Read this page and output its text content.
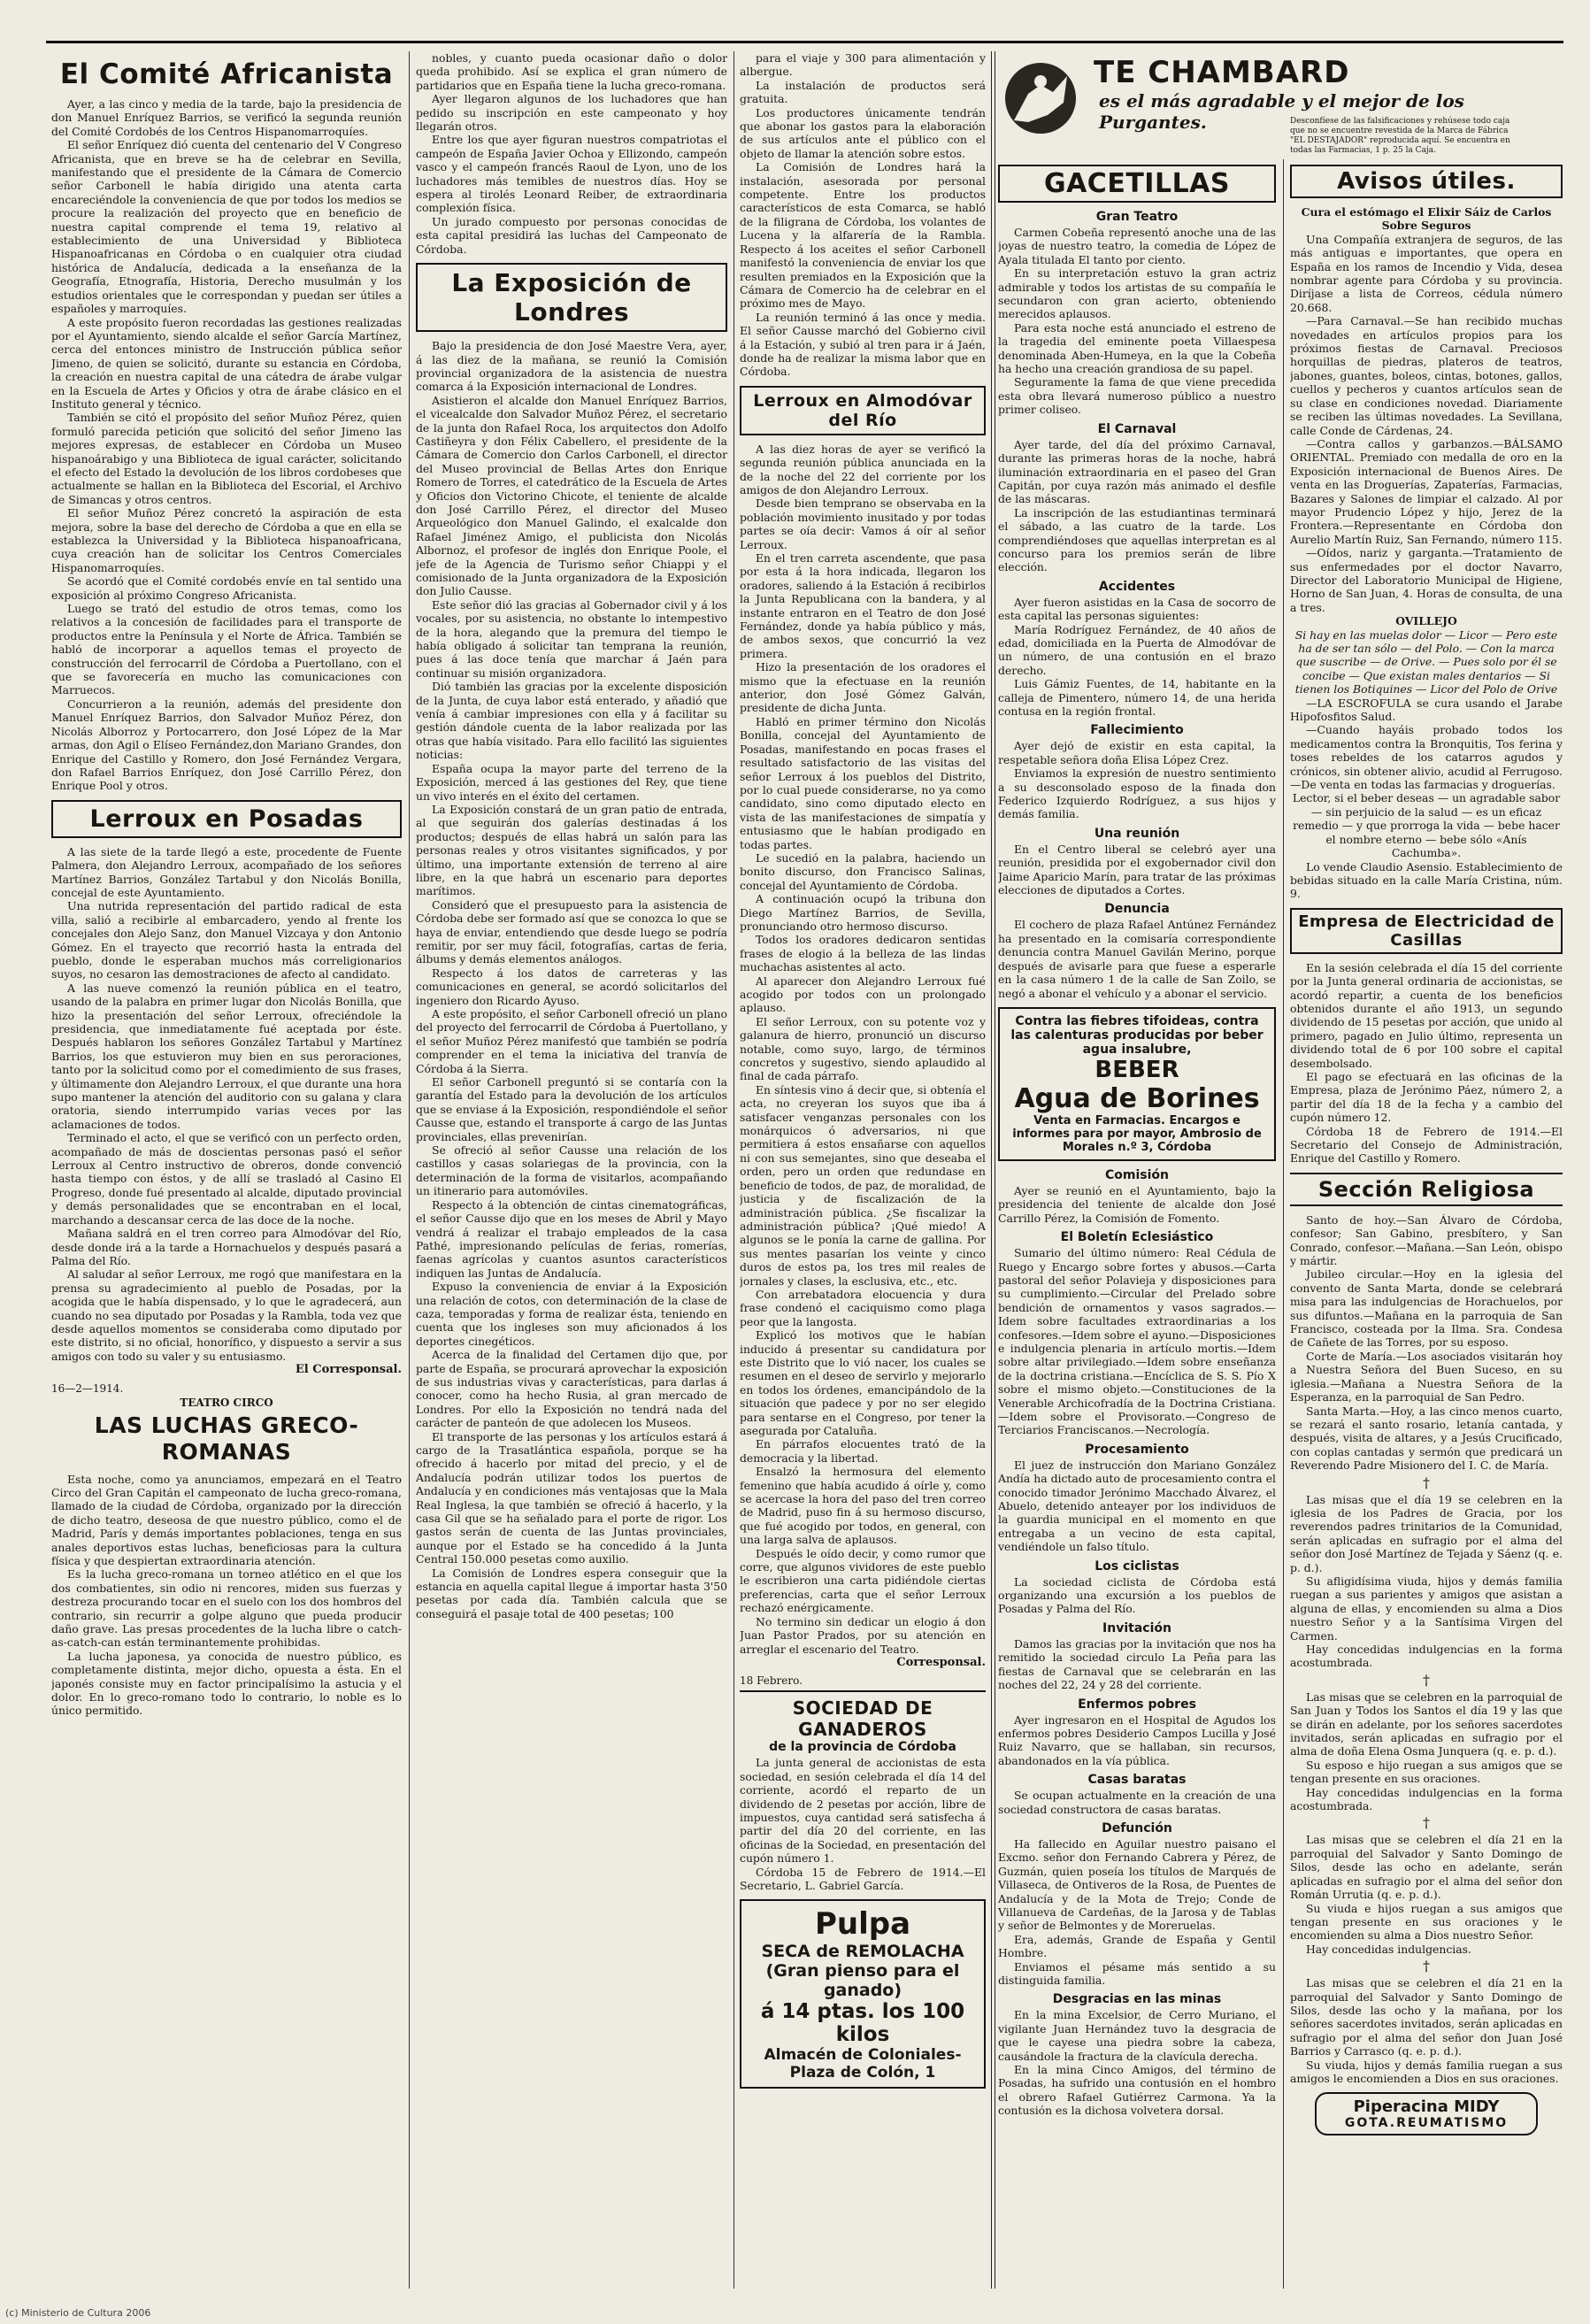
El Comité Africanista

Ayer, a las cinco y media de la tarde, bajo la presidencia de don Manuel Enríquez Barrios, se verificó la segunda reunión del Comité Cordobés de los Centros Hispanomarroquíes.

El señor Enríquez dió cuenta del centenario del V Congreso Africanista, que en breve se ha de celebrar en Sevilla, manifestando que el presidente de la Cámara de Comercio señor Carbonell le había dirigido una atenta carta encareciéndole la conveniencia de que por todos los medios se procure la realización del proyecto que en beneficio de nuestra capital comprende el tema 19, relativo al establecimiento de una Universidad y Biblioteca Hispanoafricanas en Córdoba o en cualquier otra ciudad histórica de Andalucía, dedicada a la enseñanza de la Geografía, Etnografía, Historia, Derecho musulmán y los estudios orientales que le correspondan y puedan ser útiles a españoles y marroquíes.

A este propósito fueron recordadas las gestiones realizadas por el Ayuntamiento, siendo alcalde el señor García Martínez, cerca del entonces ministro de Instrucción pública señor Jimeno, de quien se solicitó, durante su estancia en Córdoba, la creación en nuestra capital de una cátedra de árabe vulgar en la Escuela de Artes y Oficios y otra de árabe clásico en el Instituto general y técnico.

También se citó el propósito del señor Muñoz Pérez, quien formuló parecida petición que solicitó del señor Jimeno las mejores expresas, de establecer en Córdoba un Museo hispanoárabigo y una Biblioteca de igual carácter, solicitando el efecto del Estado la devolución de los libros cordobeses que actualmente se hallan en la Biblioteca del Escorial, el Archivo de Simancas y otros centros.

El señor Muñoz Pérez concretó la aspiración de esta mejora, sobre la base del derecho de Córdoba a que en ella se establezca la Universidad y la Biblioteca hispanoafricana, cuya creación han de solicitar los Centros Comerciales Hispanomarroquíes.

Se acordó que el Comité cordobés envíe en tal sentido una exposición al próximo Congreso Africanista.

Luego se trató del estudio de otros temas, como los relativos a la concesión de facilidades para el transporte de productos entre la Península y el Norte de África. También se habló de incorporar a aquellos temas el proyecto de construcción del ferrocarril de Córdoba a Puertollano, con el que se favorecería en mucho las comunicaciones con Marruecos.

Concurrieron a la reunión, además del presidente don Manuel Enríquez Barrios, don Salvador Muñoz Pérez, don Nicolás Alborroz y Portocarrero, don José López de la Mar armas, don Agil o Elíseo Fernández,don Mariano Grandes, don Enrique del Castillo y Romero, don José Fernández Vergara, don Rafael Barrios Enríquez, don José Carrillo Pérez, don Enrique Pool y otros.

Lerroux en Posadas

A las siete de la tarde llegó a este, procedente de Fuente Palmera, don Alejandro Lerroux, acompañado de los señores Martínez Barrios, González Tartabul y don Nicolás Bonilla, concejal de este Ayuntamiento.

Una nutrida representación del partido radical de esta villa, salió a recibirle al embarcadero, yendo al frente los concejales don Alejo Sanz, don Manuel Vizcaya y don Antonio Gómez. En el trayecto que recorrió hasta la entrada del pueblo, donde le esperaban muchos más correligionarios suyos, no cesaron las demostraciones de afecto al candidato.

A las nueve comenzó la reunión pública en el teatro, usando de la palabra en primer lugar don Nicolás Bonilla, que hizo la presentación del señor Lerroux, ofreciéndole la presidencia, que inmediatamente fué aceptada por éste. Después hablaron los señores González Tartabul y Martínez Barrios, los que estuvieron muy bien en sus peroraciones, tanto por la solicitud como por el comedimiento de sus frases, y últimamente don Alejandro Lerroux, el que durante una hora supo mantener la atención del auditorio con su galana y clara oratoria, siendo interrumpido varias veces por las aclamaciones de todos.

Terminado el acto, el que se verificó con un perfecto orden, acompañado de más de doscientas personas pasó el señor Lerroux al Centro instructivo de obreros, donde convenció hasta tiempo con éstos, y de allí se trasladó al Casino El Progreso, donde fué presentado al alcalde, diputado provincial y demás personalidades que se encontraban en el local, marchando a descansar cerca de las doce de la noche.

Mañana saldrá en el tren correo para Almodóvar del Río, desde donde irá a la tarde a Hornachuelos y después pasará a Palma del Río.

Al saludar al señor Lerroux, me rogó que manifestara en la prensa su agradecimiento al pueblo de Posadas, por la acogida que le había dispensado, y lo que le agradecerá, aun cuando no sea diputado por Posadas y la Rambla, toda vez que desde aquellos momentos se consideraba como diputado por este distrito, si no oficial, honorífico, y dispuesto a servir a sus amigos con todo su valer y su entusiasmo.

El Corresponsal.

16—2—1914.
TEATRO CIRCO
LAS LUCHAS GRECO-ROMANAS

Esta noche, como ya anunciamos, empezará en el Teatro Circo del Gran Capitán el campeonato de lucha greco-romana, llamado de la ciudad de Córdoba, organizado por la dirección de dicho teatro, deseosa de que nuestro público, como el de Madrid, París y demás importantes poblaciones, tenga en sus anales deportivos estas luchas, beneficiosas para la cultura física y que despiertan extraordinaria atención.

Es la lucha greco-romana un torneo atlético en el que los dos combatientes, sin odio ni rencores, miden sus fuerzas y destreza procurando tocar en el suelo con los dos hombros del contrario, sin recurrir a golpe alguno que pueda producir daño grave. Las presas procedentes de la lucha libre o catch-as-catch-can están terminantemente prohibidas.

La lucha japonesa, ya conocida de nuestro público, es completamente distinta, mejor dicho, opuesta a ésta. En el japonés consiste muy en factor principalísimo la astucia y el dolor. En lo greco-romano todo lo contrario, lo noble es lo único permitido.

nobles, y cuanto pueda ocasionar daño o dolor queda prohibido. Así se explica el gran número de partidarios que en España tiene la lucha greco-romana.

Ayer llegaron algunos de los luchadores que han pedido su inscripción en este campeonato y hoy llegarán otros.

Entre los que ayer figuran nuestros compatriotas el campeón de España Javier Ochoa y Ellizondo, campeón vasco y el campeón francés Raoul de Lyon, uno de los luchadores más temibles de nuestros días. Hoy se espera al tirolés Leonard Reiber, de extraordinaria complexión física.

Un jurado compuesto por personas conocidas de esta capital presidirá las luchas del Campeonato de Córdoba.

La Exposición de Londres

Bajo la presidencia de don José Maestre Vera, ayer, á las diez de la mañana, se reunió la Comisión provincial organizadora de la asistencia de nuestra comarca á la Exposición internacional de Londres.

Asistieron el alcalde don Manuel Enríquez Barrios, el vicealcalde don Salvador Muñoz Pérez, el secretario de la junta don Rafael Roca, los arquitectos don Adolfo Castiñeyra y don Félix Cabellero, el presidente de la Cámara de Comercio don Carlos Carbonell, el director del Museo provincial de Bellas Artes don Enrique Romero de Torres, el catedrático de la Escuela de Artes y Oficios don Victorino Chicote, el teniente de alcalde don José Carrillo Pérez, el director del Museo Arqueológico don Manuel Galindo, el exalcalde don Rafael Jiménez Amigo, el publicista don Nicolás Albornoz, el profesor de inglés don Enrique Poole, el jefe de la Agencia de Turismo señor Chiappi y el comisionado de la Junta organizadora de la Exposición don Julio Causse.

Este señor dió las gracias al Gobernador civil y á los vocales, por su asistencia, no obstante lo intempestivo de la hora, alegando que la premura del tiempo le había obligado á solicitar tan temprana la reunión, pues á las doce tenía que marchar á Jaén para continuar su misión organizadora.

Dió también las gracias por la excelente disposición de la Junta, de cuya labor está enterado, y añadió que venía á cambiar impresiones con ella y á facilitar su gestión dándole cuenta de la labor realizada por las otras que había visitado. Para ello facilitó las siguientes noticias:

España ocupa la mayor parte del terreno de la Exposición, merced á las gestiones del Rey, que tiene un vivo interés en el éxito del certamen.

La Exposición constará de un gran patio de entrada, al que seguirán dos galerías destinadas á los productos; después de ellas habrá un salón para las personas reales y otros visitantes significados, y por último, una importante extensión de terreno al aire libre, en la que habrá un escenario para deportes marítimos.

Consideró que el presupuesto para la asistencia de Córdoba debe ser formado así que se conozca lo que se haya de enviar, entendiendo que desde luego se podría remitir, por ser muy fácil, fotografías, cartas de feria, álbums y demás elementos análogos.

Respecto á los datos de carreteras y las comunicaciones en general, se acordó solicitarlos del ingeniero don Ricardo Ayuso.

A este propósito, el señor Carbonell ofreció un plano del proyecto del ferrocarril de Córdoba á Puertollano, y el señor Muñoz Pérez manifestó que también se podría comprender en el tema la iniciativa del tranvía de Córdoba á la Sierra.

El señor Carbonell preguntó si se contaría con la garantía del Estado para la devolución de los artículos que se enviase á la Exposición, respondiéndole el señor Causse que, estando el transporte á cargo de las Juntas provinciales, ellas prevenirían.

Se ofreció al señor Causse una relación de los castillos y casas solariegas de la provincia, con la determinación de la forma de visitarlos, acompañando un itinerario para automóviles.

Respecto á la obtención de cintas cinematográficas, el señor Causse dijo que en los meses de Abril y Mayo vendrá á realizar el trabajo empleados de la casa Pathé, impresionando películas de ferias, romerías, faenas agrícolas y cuantos asuntos característicos indiquen las Juntas de Andalucía.

Expuso la conveniencia de enviar á la Exposición una relación de cotos, con determinación de la clase de caza, temporadas y forma de realizar ésta, teniendo en cuenta que los ingleses son muy aficionados á los deportes cinegéticos.

Acerca de la finalidad del Certamen dijo que, por parte de España, se procurará aprovechar la exposición de sus industrias vivas y características, para darlas á conocer, como ha hecho Rusia, al gran mercado de Londres. Por ello la Exposición no tendrá nada del carácter de panteón de que adolecen los Museos.

El transporte de las personas y los artículos estará á cargo de la Trasatlántica española, porque se ha ofrecido á hacerlo por mitad del precio, y el de Andalucía podrán utilizar todos los puertos de Andalucía y en condiciones más ventajosas que la Mala Real Inglesa, la que también se ofreció á hacerlo, y la casa Gil que se ha señalado para el porte de rigor. Los gastos serán de cuenta de las Juntas provinciales, aunque por el Estado se ha concedido á la Junta Central 150.000 pesetas como auxilio.

La Comisión de Londres espera conseguir que la estancia en aquella capital llegue á importar hasta 3'50 pesetas por cada día. También calcula que se conseguirá el pasaje total de 400 pesetas; 100

para el viaje y 300 para alimentación y albergue.

La instalación de productos será gratuita.

Los productores únicamente tendrán que abonar los gastos para la elaboración de sus artículos ante el público con el objeto de llamar la atención sobre estos.

La Comisión de Londres hará la instalación, asesorada por personal competente. Entre los productos característicos de esta Comarca, se habló de la filigrana de Córdoba, los volantes de Lucena y la alfarería de la Rambla. Respecto á los aceites el señor Carbonell manifestó la conveniencia de enviar los que resulten premiados en la Exposición que la Cámara de Comercio ha de celebrar en el próximo mes de Mayo.

La reunión terminó á las once y media. El señor Causse marchó del Gobierno civil á la Estación, y subió al tren para ir á Jaén, donde ha de realizar la misma labor que en Córdoba.

Lerroux en Almodóvar del Río

A las diez horas de ayer se verificó la segunda reunión pública anunciada en la de la noche del 22 del corriente por los amigos de don Alejandro Lerroux.

Desde bien temprano se observaba en la población movimiento inusitado y por todas partes se oía decir: Vamos á oír al señor Lerroux.

En el tren carreta ascendente, que pasa por esta á la hora indicada, llegaron los oradores, saliendo á la Estación á recibirlos la Junta Republicana con la bandera, y al instante entraron en el Teatro de don José Fernández, donde ya había público y más, de ambos sexos, que concurrió la vez primera.

Hizo la presentación de los oradores el mismo que la efectuase en la reunión anterior, don José Gómez Galván, presidente de dicha Junta.

Habló en primer término don Nicolás Bonilla, concejal del Ayuntamiento de Posadas, manifestando en pocas frases el resultado satisfactorio de las visitas del señor Lerroux á los pueblos del Distrito, por lo cual puede considerarse, no ya como candidato, sino como diputado electo en vista de las manifestaciones de simpatía y entusiasmo que le habían prodigado en todas partes.

Le sucedió en la palabra, haciendo un bonito discurso, don Francisco Salinas, concejal del Ayuntamiento de Córdoba.

A continuación ocupó la tribuna don Diego Martínez Barrios, de Sevilla, pronunciando otro hermoso discurso.

Todos los oradores dedicaron sentidas frases de elogio á la belleza de las lindas muchachas asistentes al acto.

Al aparecer don Alejandro Lerroux fué acogido por todos con un prolongado aplauso.

El señor Lerroux, con su potente voz y galanura de hierro, pronunció un discurso notable, como suyo, largo, de términos concretos y sugestivo, siendo aplaudido al final de cada párrafo.

En síntesis vino á decir que, si obtenía el acta, no creyeran los suyos que iba á satisfacer venganzas personales con los monárquicos ó adversarios, ni que permitiera á estos ensañarse con aquellos ni con sus semejantes, sino que deseaba el orden, pero un orden que redundase en beneficio de todos, de paz, de moralidad, de justicia y de fiscalización de la administración pública. ¿Se fiscalizar la administración pública? ¡Qué miedo! A algunos se le ponía la carne de gallina. Por sus mentes pasarían los veinte y cinco duros de estos pa, los tres mil reales de jornales y clases, la esclusiva, etc., etc.

Con arrebatadora elocuencia y dura frase condenó el caciquismo como plaga peor que la langosta.

Explicó los motivos que le habían inducido á presentar su candidatura por este Distrito que lo vió nacer, los cuales se resumen en el deseo de servirlo y mejorarlo en todos los órdenes, emancipándolo de la situación que padece y por no ser elegido para sentarse en el Congreso, por tener la asegurada por Cataluña.

En párrafos elocuentes trató de la democracia y la libertad.

Ensalzó la hermosura del elemento femenino que había acudido á oírle y, como se acercase la hora del paso del tren correo de Madrid, puso fin á su hermoso discurso, que fué acogido por todos, en general, con una larga salva de aplausos.

Después le oído decir, y como rumor que corre, que algunos vividores de este pueblo le escribieron una carta pidiéndole ciertas preferencias, carta que el señor Lerroux rechazó enérgicamente.

No termino sin dedicar un elogio á don Juan Pastor Prados, por su atención en arreglar el escenario del Teatro.

Corresponsal.

18 Febrero.
SOCIEDAD DE GANADEROS
de la provincia de Córdoba

La junta general de accionistas de esta sociedad, en sesión celebrada el día 14 del corriente, acordó el reparto de un dividendo de 2 pesetas por acción, libre de impuestos, cuya cantidad será satisfecha á partir del día 20 del corriente, en las oficinas de la Sociedad, en presentación del cupón número 1.

Córdoba 15 de Febrero de 1914.—El Secretario, L. Gabriel García.

Pulpa
SECA de REMOLACHA
(Gran pienso para el ganado)
á 14 ptas. los 100 kilos
Almacén de Coloniales-Plaza de Colón, 1
TE CHAMBARD
es el más agradable y el mejor de los Purgantes.	Desconfíese de las falsificaciones y rehúsese todo caja que no se encuentre revestida de la Marca de Fábrica "EL DESTAJADOR" reproducida aquí. Se encuentra en todas las Farmacias, 1 p. 25 la Caja.
GACETILLAS
Gran Teatro

Carmen Cobeña representó anoche una de las joyas de nuestro teatro, la comedia de López de Ayala titulada El tanto por ciento.

En su interpretación estuvo la gran actriz admirable y todos los artistas de su compañía le secundaron con gran acierto, obteniendo merecidos aplausos.

Para esta noche está anunciado el estreno de la tragedia del eminente poeta Villaespesa denominada Aben-Humeya, en la que la Cobeña ha hecho una creación grandiosa de su papel.

Seguramente la fama de que viene precedida esta obra llevará numeroso público a nuestro primer coliseo.

El Carnaval

Ayer tarde, del día del próximo Carnaval, durante las primeras horas de la noche, habrá iluminación extraordinaria en el paseo del Gran Capitán, por cuya razón más animado el desfile de las máscaras.

La inscripción de las estudiantinas terminará el sábado, a las cuatro de la tarde. Los comprendiéndoses que aquellas interpretan es al concurso para los premios serán de libre elección.

Accidentes

Ayer fueron asistidas en la Casa de socorro de esta capital las personas siguientes:

María Rodríguez Fernández, de 40 años de edad, domiciliada en la Puerta de Almodóvar de un número, de una contusión en el brazo derecho.

Luis Gámiz Fuentes, de 14, habitante en la calleja de Pimentero, número 14, de una herida contusa en la región frontal.

Fallecimiento

Ayer dejó de existir en esta capital, la respetable señora doña Elisa López Crez.

Enviamos la expresión de nuestro sentimiento a su desconsolado esposo de la finada don Federico Izquierdo Rodríguez, a sus hijos y demás familia.

Una reunión

En el Centro liberal se celebró ayer una reunión, presidida por el exgobernador civil don Jaime Aparicio Marín, para tratar de las próximas elecciones de diputados a Cortes.

Denuncia

El cochero de plaza Rafael Antúnez Fernández ha presentado en la comisaría correspondiente denuncia contra Manuel Gavilán Merino, porque después de avisarle para que fuese a esperarle en la casa número 1 de la calle de San Zoilo, se negó a abonar el vehículo y a abonar el servicio.

Contra las fiebres tifoideas, contra las calenturas producidas por beber agua insalubre,
BEBER
Agua de Borines
Venta en Farmacias. Encargos e informes para por mayor, Ambrosio de Morales n.º 3, Córdoba
Comisión

Ayer se reunió en el Ayuntamiento, bajo la presidencia del teniente de alcalde don José Carrillo Pérez, la Comisión de Fomento.

El Boletín Eclesiástico

Sumario del último número: Real Cédula de Ruego y Encargo sobre fortes y abusos.—Carta pastoral del señor Polavieja y disposiciones para su cumplimiento.—Circular del Prelado sobre bendición de ornamentos y vasos sagrados.—Idem sobre facultades extraordinarias a los confesores.—Idem sobre el ayuno.—Disposiciones e indulgencia plenaria in artículo mortis.—Idem sobre altar privilegiado.—Idem sobre enseñanza de la doctrina cristiana.—Encíclica de S. S. Pío X sobre el mismo objeto.—Constituciones de la Venerable Archicofradía de la Doctrina Cristiana.—Idem sobre el Provisorato.—Congreso de Terciarios Franciscanos.—Necrología.

Procesamiento

El juez de instrucción don Mariano González Andía ha dictado auto de procesamiento contra el conocido timador Jerónimo Macchado Álvarez, el Abuelo, detenido anteayer por los individuos de la guardia municipal en el momento en que entregaba a un vecino de esta capital, vendiéndole un falso título.

Los ciclistas

La sociedad ciclista de Córdoba está organizando una excursión a los pueblos de Posadas y Palma del Río.

Invitación

Damos las gracias por la invitación que nos ha remitido la sociedad circulo La Peña para las fiestas de Carnaval que se celebrarán en las noches del 22, 24 y 28 del corriente.

Enfermos pobres

Ayer ingresaron en el Hospital de Agudos los enfermos pobres Desiderio Campos Lucilla y José Ruiz Navarro, que se hallaban, sin recursos, abandonados en la vía pública.

Casas baratas

Se ocupan actualmente en la creación de una sociedad constructora de casas baratas.

Defunción

Ha fallecido en Aguilar nuestro paisano el Excmo. señor don Fernando Cabrera y Pérez, de Guzmán, quien poseía los títulos de Marqués de Villaseca, de Ontiveros de la Rosa, de Puentes de Andalucía y de la Mota de Trejo; Conde de Villanueva de Cardeñas, de la Jarosa y de Tablas y señor de Belmontes y de Moreruelas.

Era, además, Grande de España y Gentil Hombre.

Enviamos el pésame más sentido a su distinguida familia.

Desgracias en las minas

En la mina Excelsior, de Cerro Muriano, el vigilante Juan Hernández tuvo la desgracia de que le cayese una piedra sobre la cabeza, causándole la fractura de la clavícula derecha.

En la mina Cinco Amigos, del término de Posadas, ha sufrido una contusión en el hombro el obrero Rafael Gutiérrez Carmona. Ya la contusión es la dichosa volvetera dorsal.

Avisos útiles.

Cura el estómago el Elixir Sáiz de Carlos

Sobre Seguros

Una Compañía extranjera de seguros, de las más antiguas e importantes, que opera en España en los ramos de Incendio y Vida, desea nombrar agente para Córdoba y su provincia. Diríjase a lista de Correos, cédula número 20.668.

—Para Carnaval.—Se han recibido muchas novedades en artículos propios para los próximos fiestas de Carnaval. Preciosos horquillas de piedras, plateros de teatros, jabones, guantes, boleos, cintas, botones, gallos, cuellos y pecheros y cuantos artículos sean de su clase en condiciones novedad. Diariamente se reciben las últimas novedades. La Sevillana, calle Conde de Cárdenas, 24.

—Contra callos y garbanzos.—BÁLSAMO ORIENTAL. Premiado con medalla de oro en la Exposición internacional de Buenos Aires. De venta en las Droguerías, Zapaterías, Farmacias, Bazares y Salones de limpiar el calzado. Al por mayor Prudencio López y hijo, Jerez de la Frontera.—Representante en Córdoba don Aurelio Martín Ruiz, San Fernando, número 115.

—Oídos, nariz y garganta.—Tratamiento de sus enfermedades por el doctor Navarro, Director del Laboratorio Municipal de Higiene, Horno de San Juan, 4. Horas de consulta, de una a tres.

OVILLEJO

Si hay en las muelas dolor — Licor — Pero este ha de ser tan sólo — del Polo. — Con la marca que suscribe — de Orive. — Pues solo por él se concibe — Que existan males dentarios — Si tienen los Botiquines — Licor del Polo de Orive

—LA ESCROFULA se cura usando el Jarabe Hipofosfitos Salud.

—Cuando hayáis probado todos los medicamentos contra la Bronquitis, Tos ferina y toses rebeldes de los catarros agudos y crónicos, sin obtener alivio, acudid al Ferrugoso.—De venta en todas las farmacias y droguerías.

Lector, si el beber deseas — un agradable sabor — sin perjuicio de la salud — es un eficaz remedio — y que prorroga la vida — bebe hacer el nombre eterno — bebe sólo «Anís Cachumba».

Lo vende Claudio Asensio. Establecimiento de bebidas situado en la calle María Cristina, núm. 9.

Empresa de Electricidad de Casillas

En la sesión celebrada el día 15 del corriente por la Junta general ordinaria de accionistas, se acordó repartir, a cuenta de los beneficios obtenidos durante el año 1913, un segundo dividendo de 15 pesetas por acción, que unido al primero, pagado en Julio último, representa un dividendo total de 6 por 100 sobre el capital desembolsado.

El pago se efectuará en las oficinas de la Empresa, plaza de Jerónimo Páez, número 2, a partir del día 18 de la fecha y a cambio del cupón número 12.

Córdoba 18 de Febrero de 1914.—El Secretario del Consejo de Administración, Enrique del Castillo y Romero.

Sección Religiosa

Santo de hoy.—San Álvaro de Córdoba, confesor; San Gabino, presbítero, y San Conrado, confesor.—Mañana.—San León, obispo y mártir.

Jubileo circular.—Hoy en la iglesia del convento de Santa Marta, donde se celebrará misa para las indulgencias de Horachuelos, por sus difuntos.—Mañana en la parroquia de San Francisco, costeada por la Ilma. Sra. Condesa de Cañete de las Torres, por su esposo.

Corte de María.—Los asociados visitarán hoy a Nuestra Señora del Buen Suceso, en su iglesia.—Mañana a Nuestra Señora de la Esperanza, en la parroquial de San Pedro.

Santa Marta.—Hoy, a las cinco menos cuarto, se rezará el santo rosario, letanía cantada, y después, visita de altares, y a Jesús Crucificado, con coplas cantadas y sermón que predicará un Reverendo Padre Misionero del I. C. de María.

†

Las misas que el día 19 se celebren en la iglesia de los Padres de Gracia, por los reverendos padres trinitarios de la Comunidad, serán aplicadas en sufragio por el alma del señor don José Martínez de Tejada y Sáenz (q. e. p. d.).

Su afligidísima viuda, hijos y demás familia ruegan a sus parientes y amigos que asistan a alguna de ellas, y encomienden su alma a Dios nuestro Señor y a la Santísima Virgen del Carmen.

Hay concedidas indulgencias en la forma acostumbrada.

†

Las misas que se celebren en la parroquial de San Juan y Todos los Santos el día 19 y las que se dirán en adelante, por los señores sacerdotes invitados, serán aplicadas en sufragio por el alma de doña Elena Osma Junquera (q. e. p. d.).

Su esposo e hijo ruegan a sus amigos que se tengan presente en sus oraciones.

Hay concedidas indulgencias en la forma acostumbrada.

†

Las misas que se celebren el día 21 en la parroquial del Salvador y Santo Domingo de Silos, desde las ocho en adelante, serán aplicadas en sufragio por el alma del señor don Román Urrutia (q. e. p. d.).

Su viuda e hijos ruegan a sus amigos que tengan presente en sus oraciones y le encomienden su alma a Dios nuestro Señor.

Hay concedidas indulgencias.

†

Las misas que se celebren el día 21 en la parroquial del Salvador y Santo Domingo de Silos, desde las ocho y la mañana, por los señores sacerdotes invitados, serán aplicadas en sufragio por el alma del señor don Juan José Barrios y Carrasco (q. e. p. d.).

Su viuda, hijos y demás familia ruegan a sus amigos le encomienden a Dios en sus oraciones.

Piperacina MIDY
GOTA.REUMATISMO
(c) Ministerio de Cultura 2006
